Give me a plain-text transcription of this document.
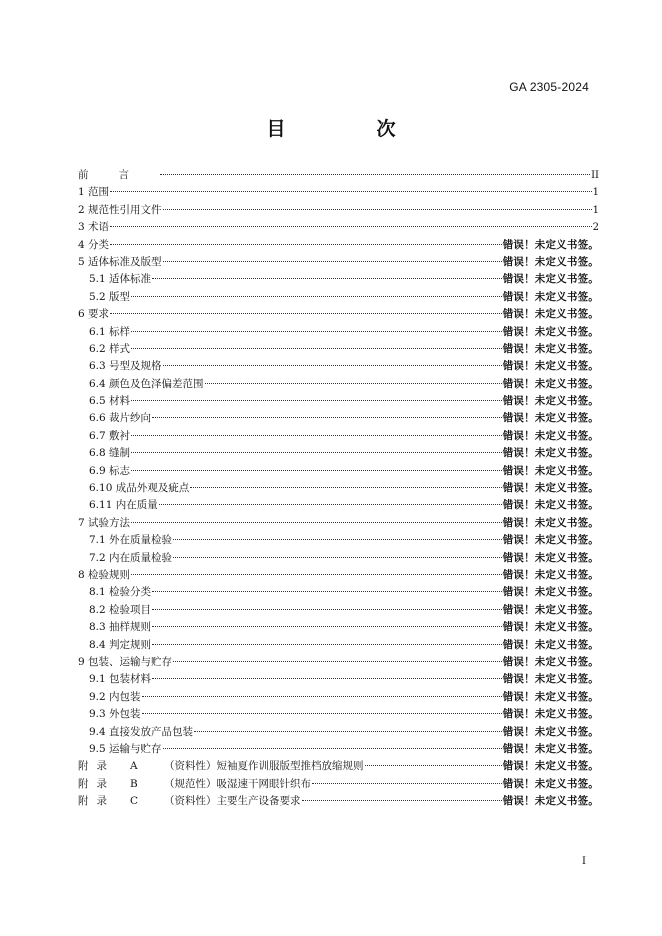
GA 2305-2024
目　次
前言	II
1 范围	1
2 规范性引用文件	1
3 术语	2
4 分类	错误！未定义书签。
5 适体标准及版型	错误！未定义书签。
5.1 适体标准	错误！未定义书签。
5.2 版型	错误！未定义书签。
6 要求	错误！未定义书签。
6.1 标样	错误！未定义书签。
6.2 样式	错误！未定义书签。
6.3 号型及规格	错误！未定义书签。
6.4 颜色及色泽偏差范围	错误！未定义书签。
6.5 材料	错误！未定义书签。
6.6 裁片纱向	错误！未定义书签。
6.7 敷衬	错误！未定义书签。
6.8 缝制	错误！未定义书签。
6.9 标志	错误！未定义书签。
6.10 成品外观及疵点	错误！未定义书签。
6.11 内在质量	错误！未定义书签。
7 试验方法	错误！未定义书签。
7.1 外在质量检验	错误！未定义书签。
7.2 内在质量检验	错误！未定义书签。
8 检验规则	错误！未定义书签。
8.1 检验分类	错误！未定义书签。
8.2 检验项目	错误！未定义书签。
8.3 抽样规则	错误！未定义书签。
8.4 判定规则	错误！未定义书签。
9 包装、运输与贮存	错误！未定义书签。
9.1 包装材料	错误！未定义书签。
9.2 内包装	错误！未定义书签。
9.3 外包装	错误！未定义书签。
9.4 直接发放产品包装	错误！未定义书签。
9.5 运输与贮存	错误！未定义书签。
附录 A	（资料性）短袖夏作训服版型推档放缩规则	错误！未定义书签。
附录 B	（规范性）吸湿速干网眼针织布	错误！未定义书签。
附录 C （资料性）主要生产设备要求	错误！未定义书签。
I
